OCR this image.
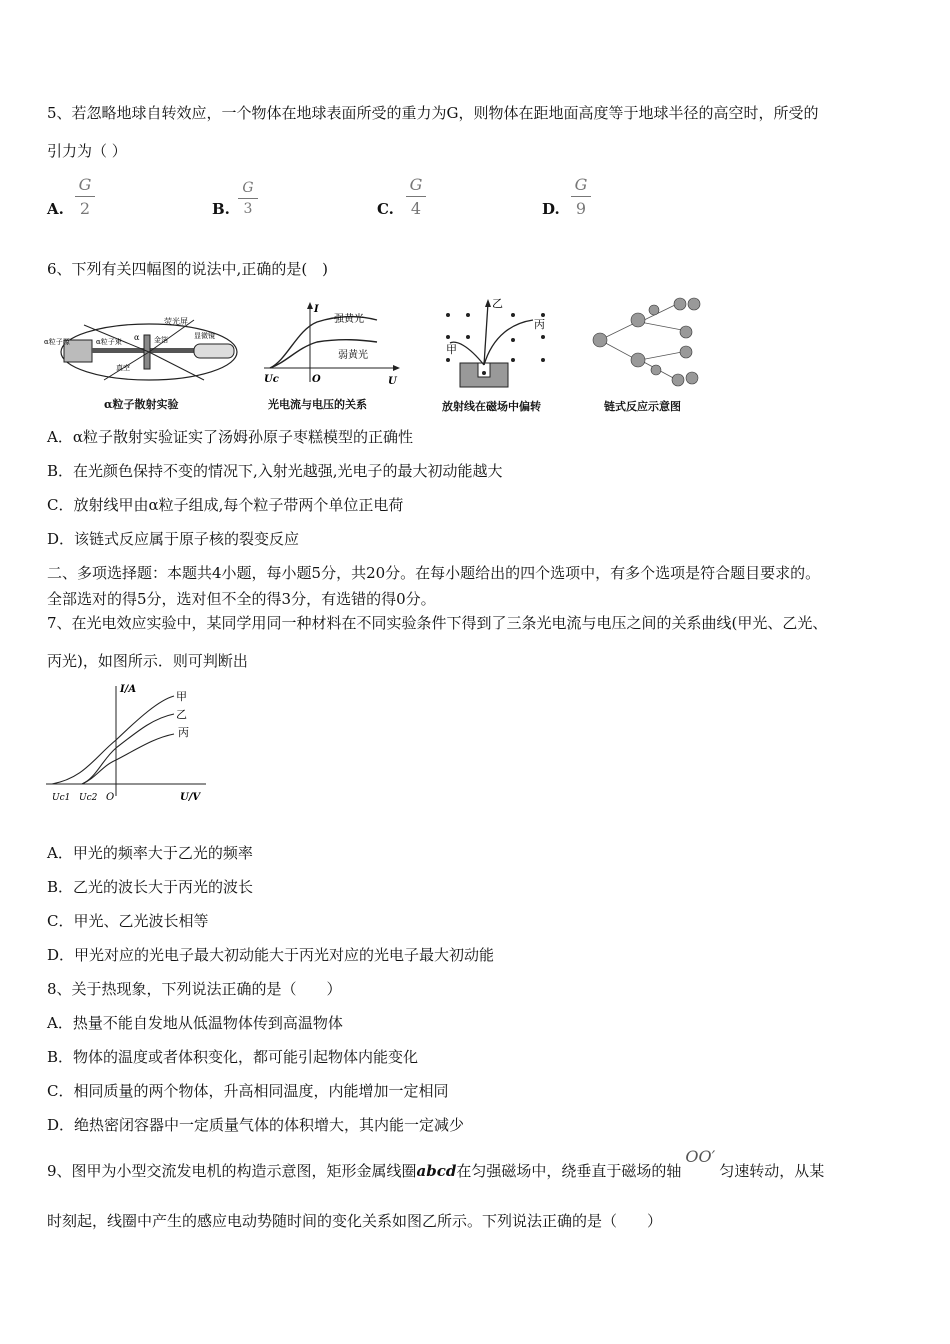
5、若忽略地球自转效应，一个物体在地球表面所受的重力为G，则物体在距地面高度等于地球半径的高空时，所受的
引力为（ ）
A.
G
2	B.
G
3	C.
G
4	D.
G
9
6、下列有关四幅图的说法中,正确的是(　)
荧光屏
α粒子源
显微镜
α粒子束	金箔
真空
α
α粒子散射实验
I
强黄光
弱黄光
Uc	O	U
光电流与电压的关系
乙
丙
甲
放射线在磁场中偏转	链式反应示意图
A．α粒子散射实验证实了汤姆孙原子枣糕模型的正确性
B．在光颜色保持不变的情况下,入射光越强,光电子的最大初动能越大
C．放射线甲由α粒子组成,每个粒子带两个单位正电荷
D．该链式反应属于原子核的裂变反应
二、多项选择题：本题共4小题，每小题5分，共20分。在每小题给出的四个选项中，有多个选项是符合题目要求的。
全部选对的得5分，选对但不全的得3分，有选错的得0分。
7、在光电效应实验中，某同学用同一种材料在不同实验条件下得到了三条光电流与电压之间的关系曲线(甲光、乙光、
丙光)，如图所示．则可判断出
I/A
甲
乙
丙
Uc1 Uc2 O	U/V
A．甲光的频率大于乙光的频率
B．乙光的波长大于丙光的波长
C．甲光、乙光波长相等
D．甲光对应的光电子最大初动能大于丙光对应的光电子最大初动能
8、关于热现象，下列说法正确的是（　　）
A．热量不能自发地从低温物体传到高温物体
B．物体的温度或者体积变化，都可能引起物体内能变化
C．相同质量的两个物体，升高相同温度，内能增加一定相同
D．绝热密闭容器中一定质量气体的体积增大，其内能一定减少
9、图甲为小型交流发电机的构造示意图，矩形金属线圈abcd在匀强磁场中，绕垂直于磁场的轴OO′匀速转动，从某
时刻起，线圈中产生的感应电动势随时间的变化关系如图乙所示。下列说法正确的是（　　）
